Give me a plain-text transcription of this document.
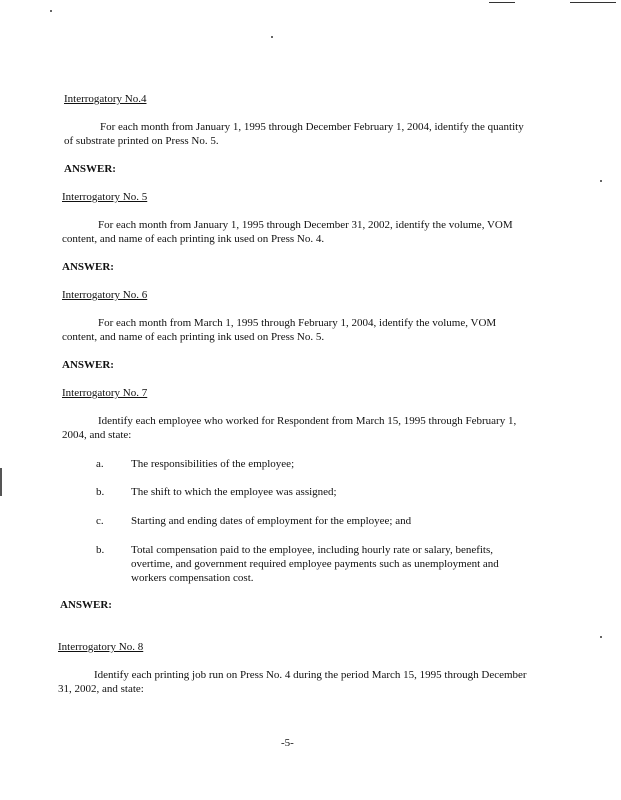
Interrogatory No.4
For each month from January 1, 1995 through December February 1, 2004, identify the quantity of substrate printed on Press No. 5.
ANSWER:
Interrogatory No. 5
For each month from January 1, 1995 through December 31, 2002, identify the volume, VOM content, and name of each printing ink used on Press No. 4.
ANSWER:
Interrogatory No. 6
For each month from March 1, 1995 through February 1, 2004, identify the volume, VOM content, and name of each printing ink used on Press No. 5.
ANSWER:
Interrogatory No. 7
Identify each employee who worked for Respondent from March 15, 1995 through February 1, 2004, and state:
a.	The responsibilities of the employee;
b.	The shift to which the employee was assigned;
c.	Starting and ending dates of employment for the employee; and
b.	Total compensation paid to the employee, including hourly rate or salary, benefits, overtime, and government required employee payments such as unemployment and workers compensation cost.
ANSWER:
Interrogatory No. 8
Identify each printing job run on Press No. 4 during the period March 15, 1995 through December 31, 2002, and state:
-5-
